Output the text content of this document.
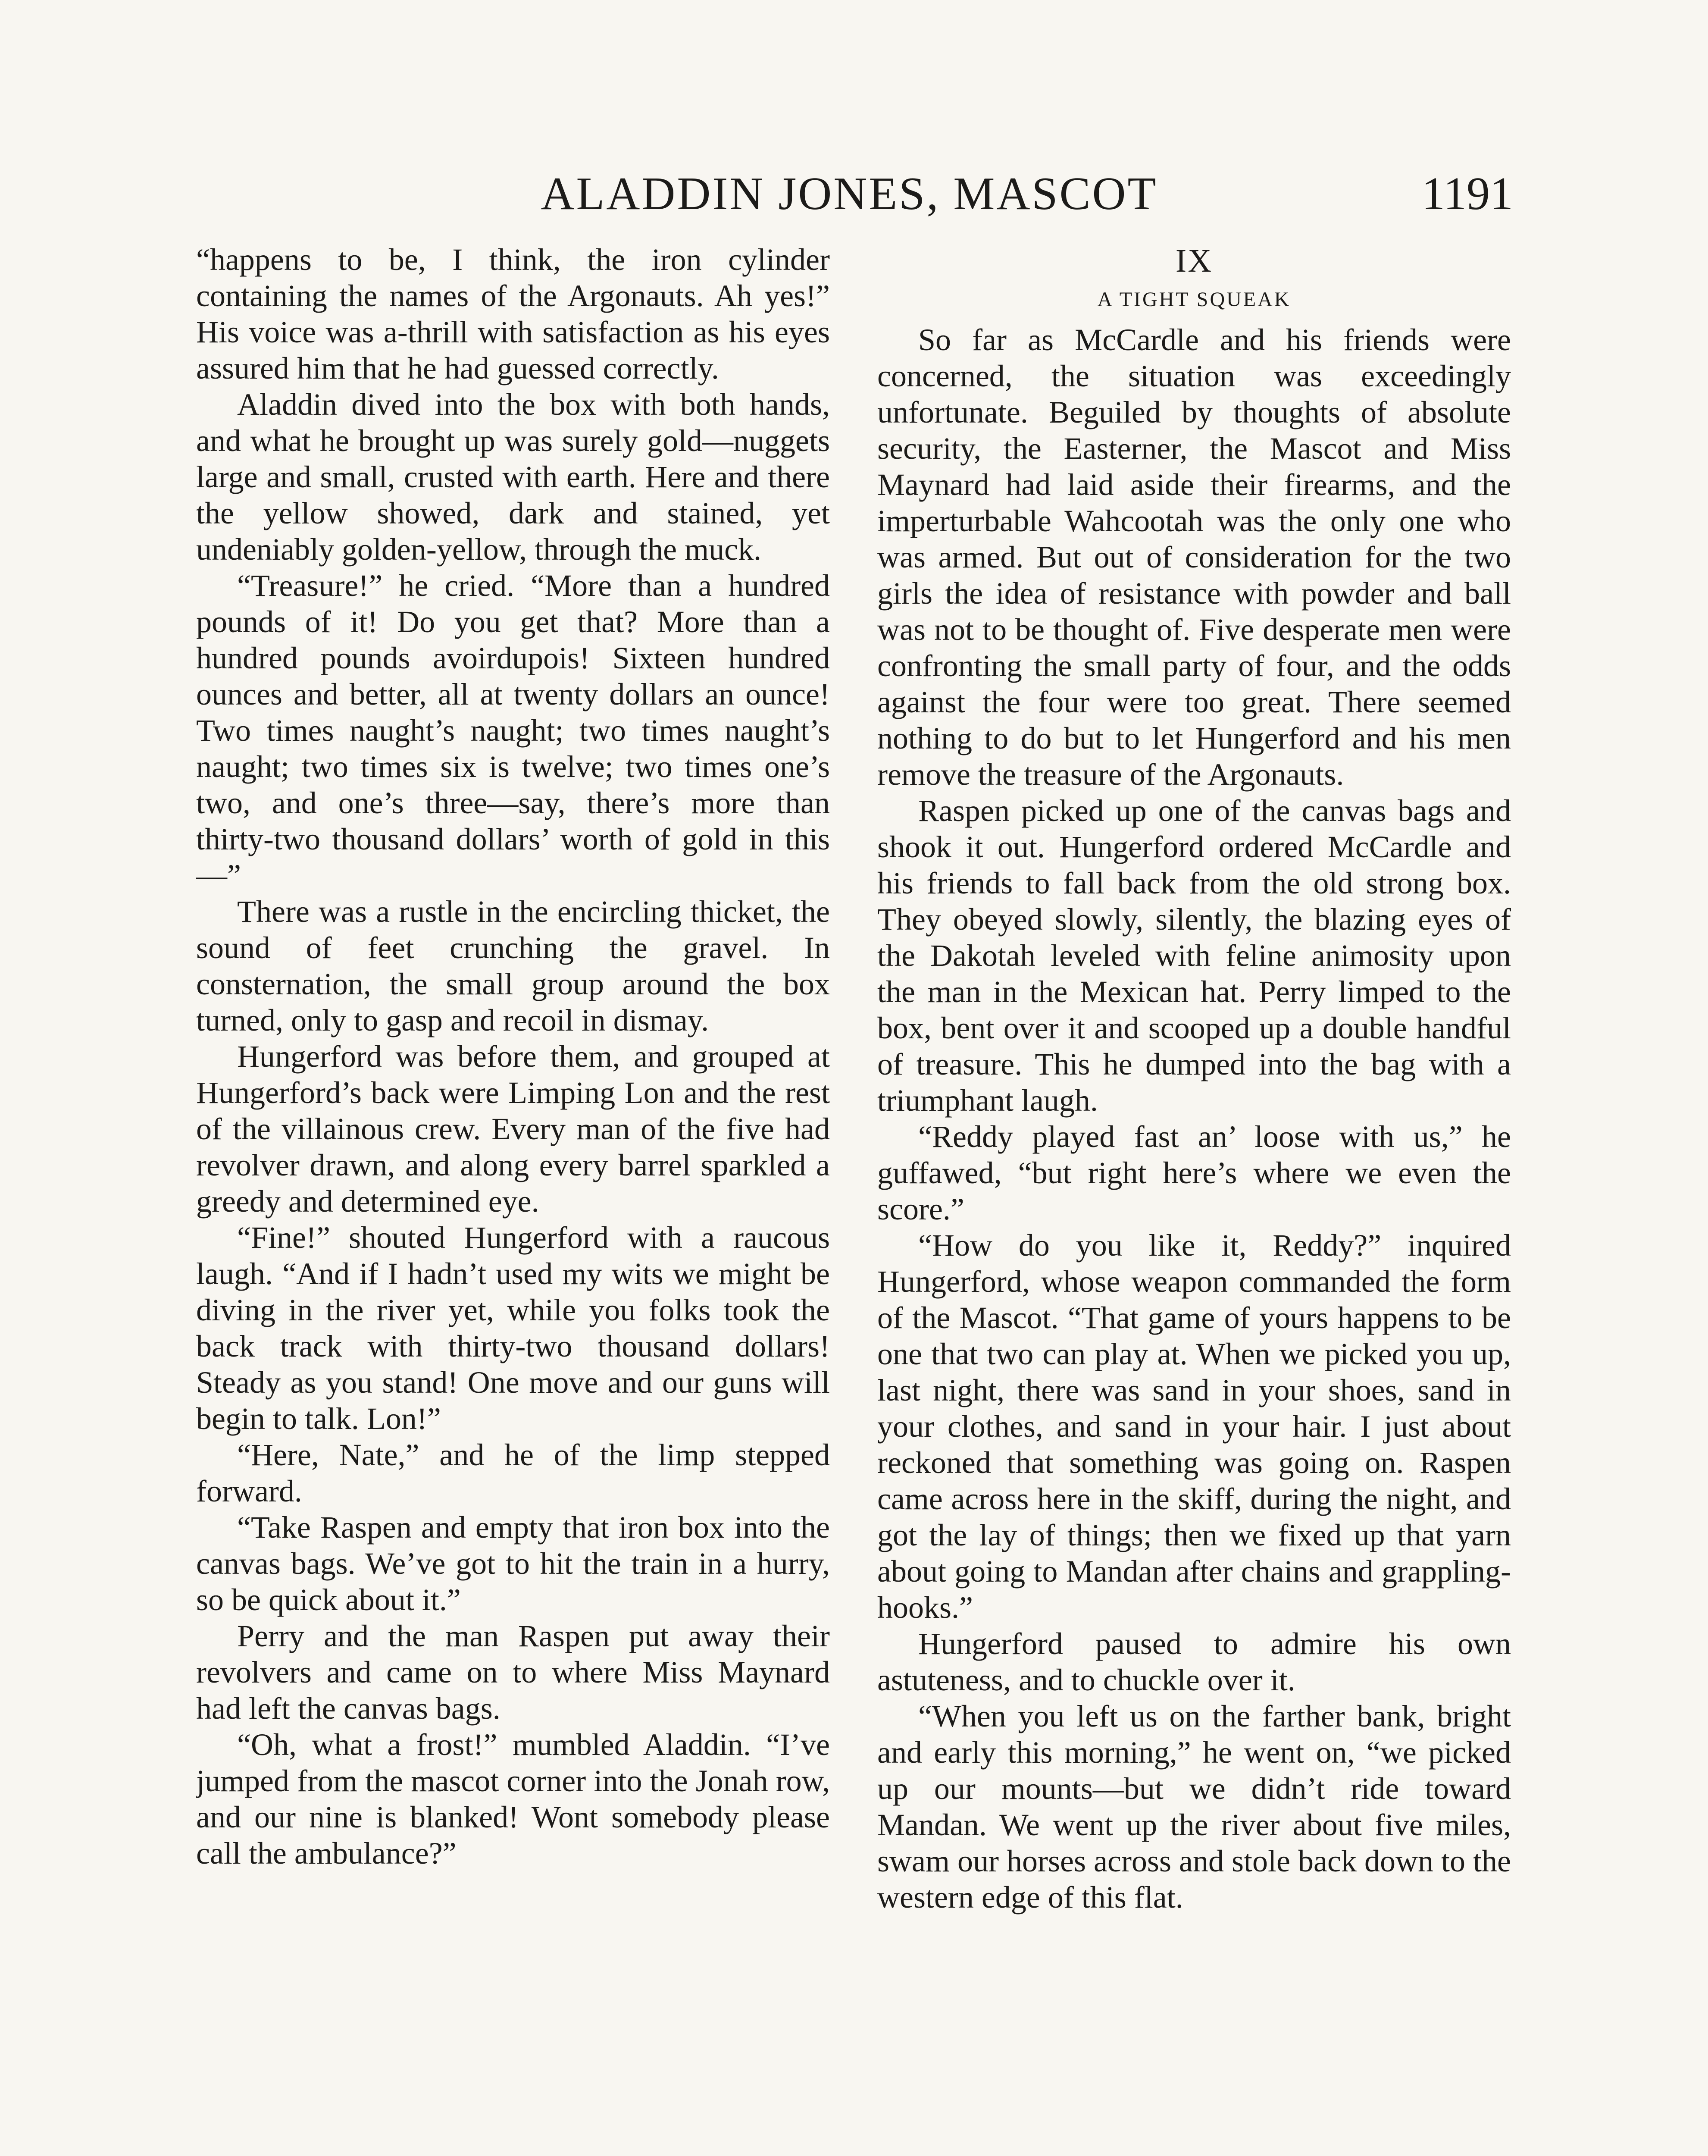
ALADDIN JONES, MASCOT	1191

“happens to be, I think, the iron cylinder containing the names of the Argonauts. Ah yes!” His voice was a-thrill with satisfaction as his eyes assured him that he had guessed correctly.

Aladdin dived into the box with both hands, and what he brought up was surely gold—nuggets large and small, crusted with earth. Here and there the yellow showed, dark and stained, yet undeniably golden-yellow, through the muck.

“Treasure!” he cried. “More than a hundred pounds of it! Do you get that? More than a hundred pounds avoirdupois! Sixteen hundred ounces and better, all at twenty dollars an ounce! Two times naught’s naught; two times naught’s naught; two times six is twelve; two times one’s two, and one’s three—say, there’s more than thirty-two thousand dollars’ worth of gold in this—”

There was a rustle in the encircling thicket, the sound of feet crunching the gravel. In consternation, the small group around the box turned, only to gasp and recoil in dismay.

Hungerford was before them, and grouped at Hungerford’s back were Limping Lon and the rest of the villainous crew. Every man of the five had revolver drawn, and along every barrel sparkled a greedy and determined eye.

“Fine!” shouted Hungerford with a raucous laugh. “And if I hadn’t used my wits we might be diving in the river yet, while you folks took the back track with thirty-two thousand dollars! Steady as you stand! One move and our guns will begin to talk. Lon!”

“Here, Nate,” and he of the limp stepped forward.

“Take Raspen and empty that iron box into the canvas bags. We’ve got to hit the train in a hurry, so be quick about it.”

Perry and the man Raspen put away their revolvers and came on to where Miss Maynard had left the canvas bags.

“Oh, what a frost!” mumbled Aladdin. “I’ve jumped from the mascot corner into the Jonah row, and our nine is blanked! Wont somebody please call the ambulance?”

IX

A TIGHT SQUEAK

So far as McCardle and his friends were concerned, the situation was exceedingly unfortunate. Beguiled by thoughts of absolute security, the Easterner, the Mascot and Miss Maynard had laid aside their firearms, and the imperturbable Wahcootah was the only one who was armed. But out of consideration for the two girls the idea of resistance with powder and ball was not to be thought of. Five desperate men were confronting the small party of four, and the odds against the four were too great. There seemed nothing to do but to let Hungerford and his men remove the treasure of the Argonauts.

Raspen picked up one of the canvas bags and shook it out. Hungerford ordered McCardle and his friends to fall back from the old strong box. They obeyed slowly, silently, the blazing eyes of the Dakotah leveled with feline animosity upon the man in the Mexican hat. Perry limped to the box, bent over it and scooped up a double handful of treasure. This he dumped into the bag with a triumphant laugh.

“Reddy played fast an’ loose with us,” he guffawed, “but right here’s where we even the score.”

“How do you like it, Reddy?” inquired Hungerford, whose weapon commanded the form of the Mascot. “That game of yours happens to be one that two can play at. When we picked you up, last night, there was sand in your shoes, sand in your clothes, and sand in your hair. I just about reckoned that something was going on. Raspen came across here in the skiff, during the night, and got the lay of things; then we fixed up that yarn about going to Mandan after chains and grappling-hooks.”

Hungerford paused to admire his own astuteness, and to chuckle over it.

“When you left us on the farther bank, bright and early this morning,” he went on, “we picked up our mounts—but we didn’t ride toward Mandan. We went up the river about five miles, swam our horses across and stole back down to the western edge of this flat.
